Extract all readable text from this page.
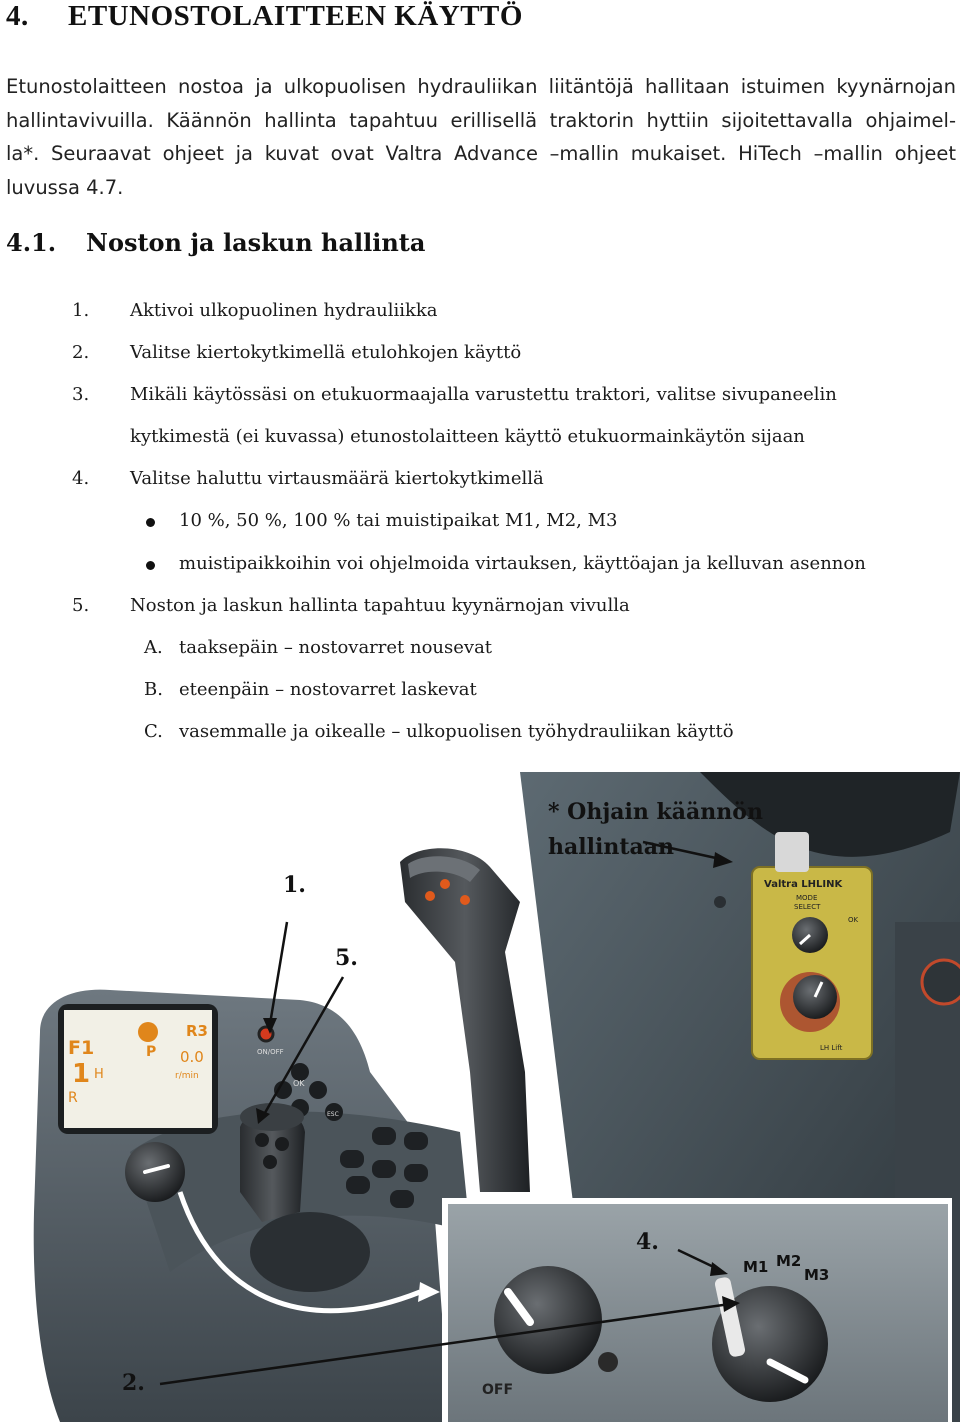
4. ETUNOSTOLAITTEEN KÄYTTÖ
Etunostolaitteen nostoa ja ulkopuolisen hydrauliikan liitäntöjä hallitaan istuimen kyynärnojan
hallintavivuilla. Käännön hallinta tapahtuu erillisellä traktorin hyttiin sijoitettavalla ohjaimel-
la*. Seuraavat ohjeet ja kuvat ovat Valtra Advance –mallin mukaiset. HiTech –mallin ohjeet
luvussa 4.7.
4.1. Noston ja laskun hallinta
1. Aktivoi ulkopuolinen hydrauliikka
2. Valitse kiertokytkimellä etulohkojen käyttö
3. Mikäli käytössäsi on etukuormaajalla varustettu traktori, valitse sivupaneelin
kytkimestä (ei kuvassa) etunostolaitteen käyttö etukuormainkäytön sijaan
4. Valitse haluttu virtausmäärä kiertokytkimellä
10 %, 50 %, 100 % tai muistipaikat M1, M2, M3
muistipaikkoihin voi ohjelmoida virtauksen, käyttöajan ja kelluvan asennon
5. Noston ja laskun hallinta tapahtuu kyynärnojan vivulla
A. taaksepäin – nostovarret nousevat
B. eteenpäin – nostovarret laskevat
C. vasemmalle ja oikealle – ulkopuolisen työhydrauliikan käyttö
F1
R3
1 H
R
0.0
P
r/min
ON/OFF
OK
ESC
Valtra LHLINK
MODE
SELECT
OK
LH Lift
OFF
M1 M2
M3
1.
5.
* Ohjain käännön
hallintaan
4.
2.
